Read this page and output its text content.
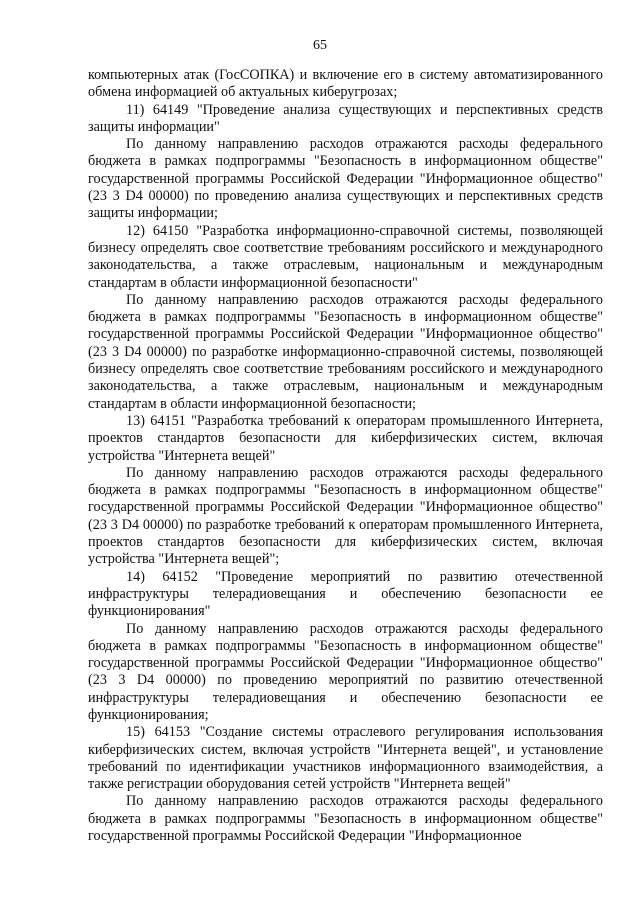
65

компьютерных атак (ГосСОПКА) и включение его в систему автоматизированного обмена информацией об актуальных киберугрозах;

11) 64149 "Проведение анализа существующих и перспективных средств защиты информации"

По данному направлению расходов отражаются расходы федерального бюджета в рамках подпрограммы "Безопасность в информационном обществе" государственной программы Российской Федерации "Информационное общество" (23 3 D4 00000) по проведению анализа существующих и перспективных средств защиты информации;

12) 64150 "Разработка информационно-справочной системы, позволяющей бизнесу определять свое соответствие требованиям российского и международного законодательства, а также отраслевым, национальным и международным стандартам в области информационной безопасности"

По данному направлению расходов отражаются расходы федерального бюджета в рамках подпрограммы "Безопасность в информационном обществе" государственной программы Российской Федерации "Информационное общество" (23 3 D4 00000) по разработке информационно-справочной системы, позволяющей бизнесу определять свое соответствие требованиям российского и международного законодательства, а также отраслевым, национальным и международным стандартам в области информационной безопасности;

13) 64151 "Разработка требований к операторам промышленного Интернета, проектов стандартов безопасности для киберфизических систем, включая устройства "Интернета вещей"

По данному направлению расходов отражаются расходы федерального бюджета в рамках подпрограммы "Безопасность в информационном обществе" государственной программы Российской Федерации "Информационное общество" (23 3 D4 00000) по разработке требований к операторам промышленного Интернета, проектов стандартов безопасности для киберфизических систем, включая устройства "Интернета вещей";

14) 64152 "Проведение мероприятий по развитию отечественной инфраструктуры телерадиовещания и обеспечению безопасности ее функционирования"

По данному направлению расходов отражаются расходы федерального бюджета в рамках подпрограммы "Безопасность в информационном обществе" государственной программы Российской Федерации "Информационное общество" (23 3 D4 00000) по проведению мероприятий по развитию отечественной инфраструктуры телерадиовещания и обеспечению безопасности ее функционирования;

15) 64153 "Создание системы отраслевого регулирования использования киберфизических систем, включая устройств "Интернета вещей", и установление требований по идентификации участников информационного взаимодействия, а также регистрации оборудования сетей устройств "Интернета вещей"

По данному направлению расходов отражаются расходы федерального бюджета в рамках подпрограммы "Безопасность в информационном обществе" государственной программы Российской Федерации "Информационное
